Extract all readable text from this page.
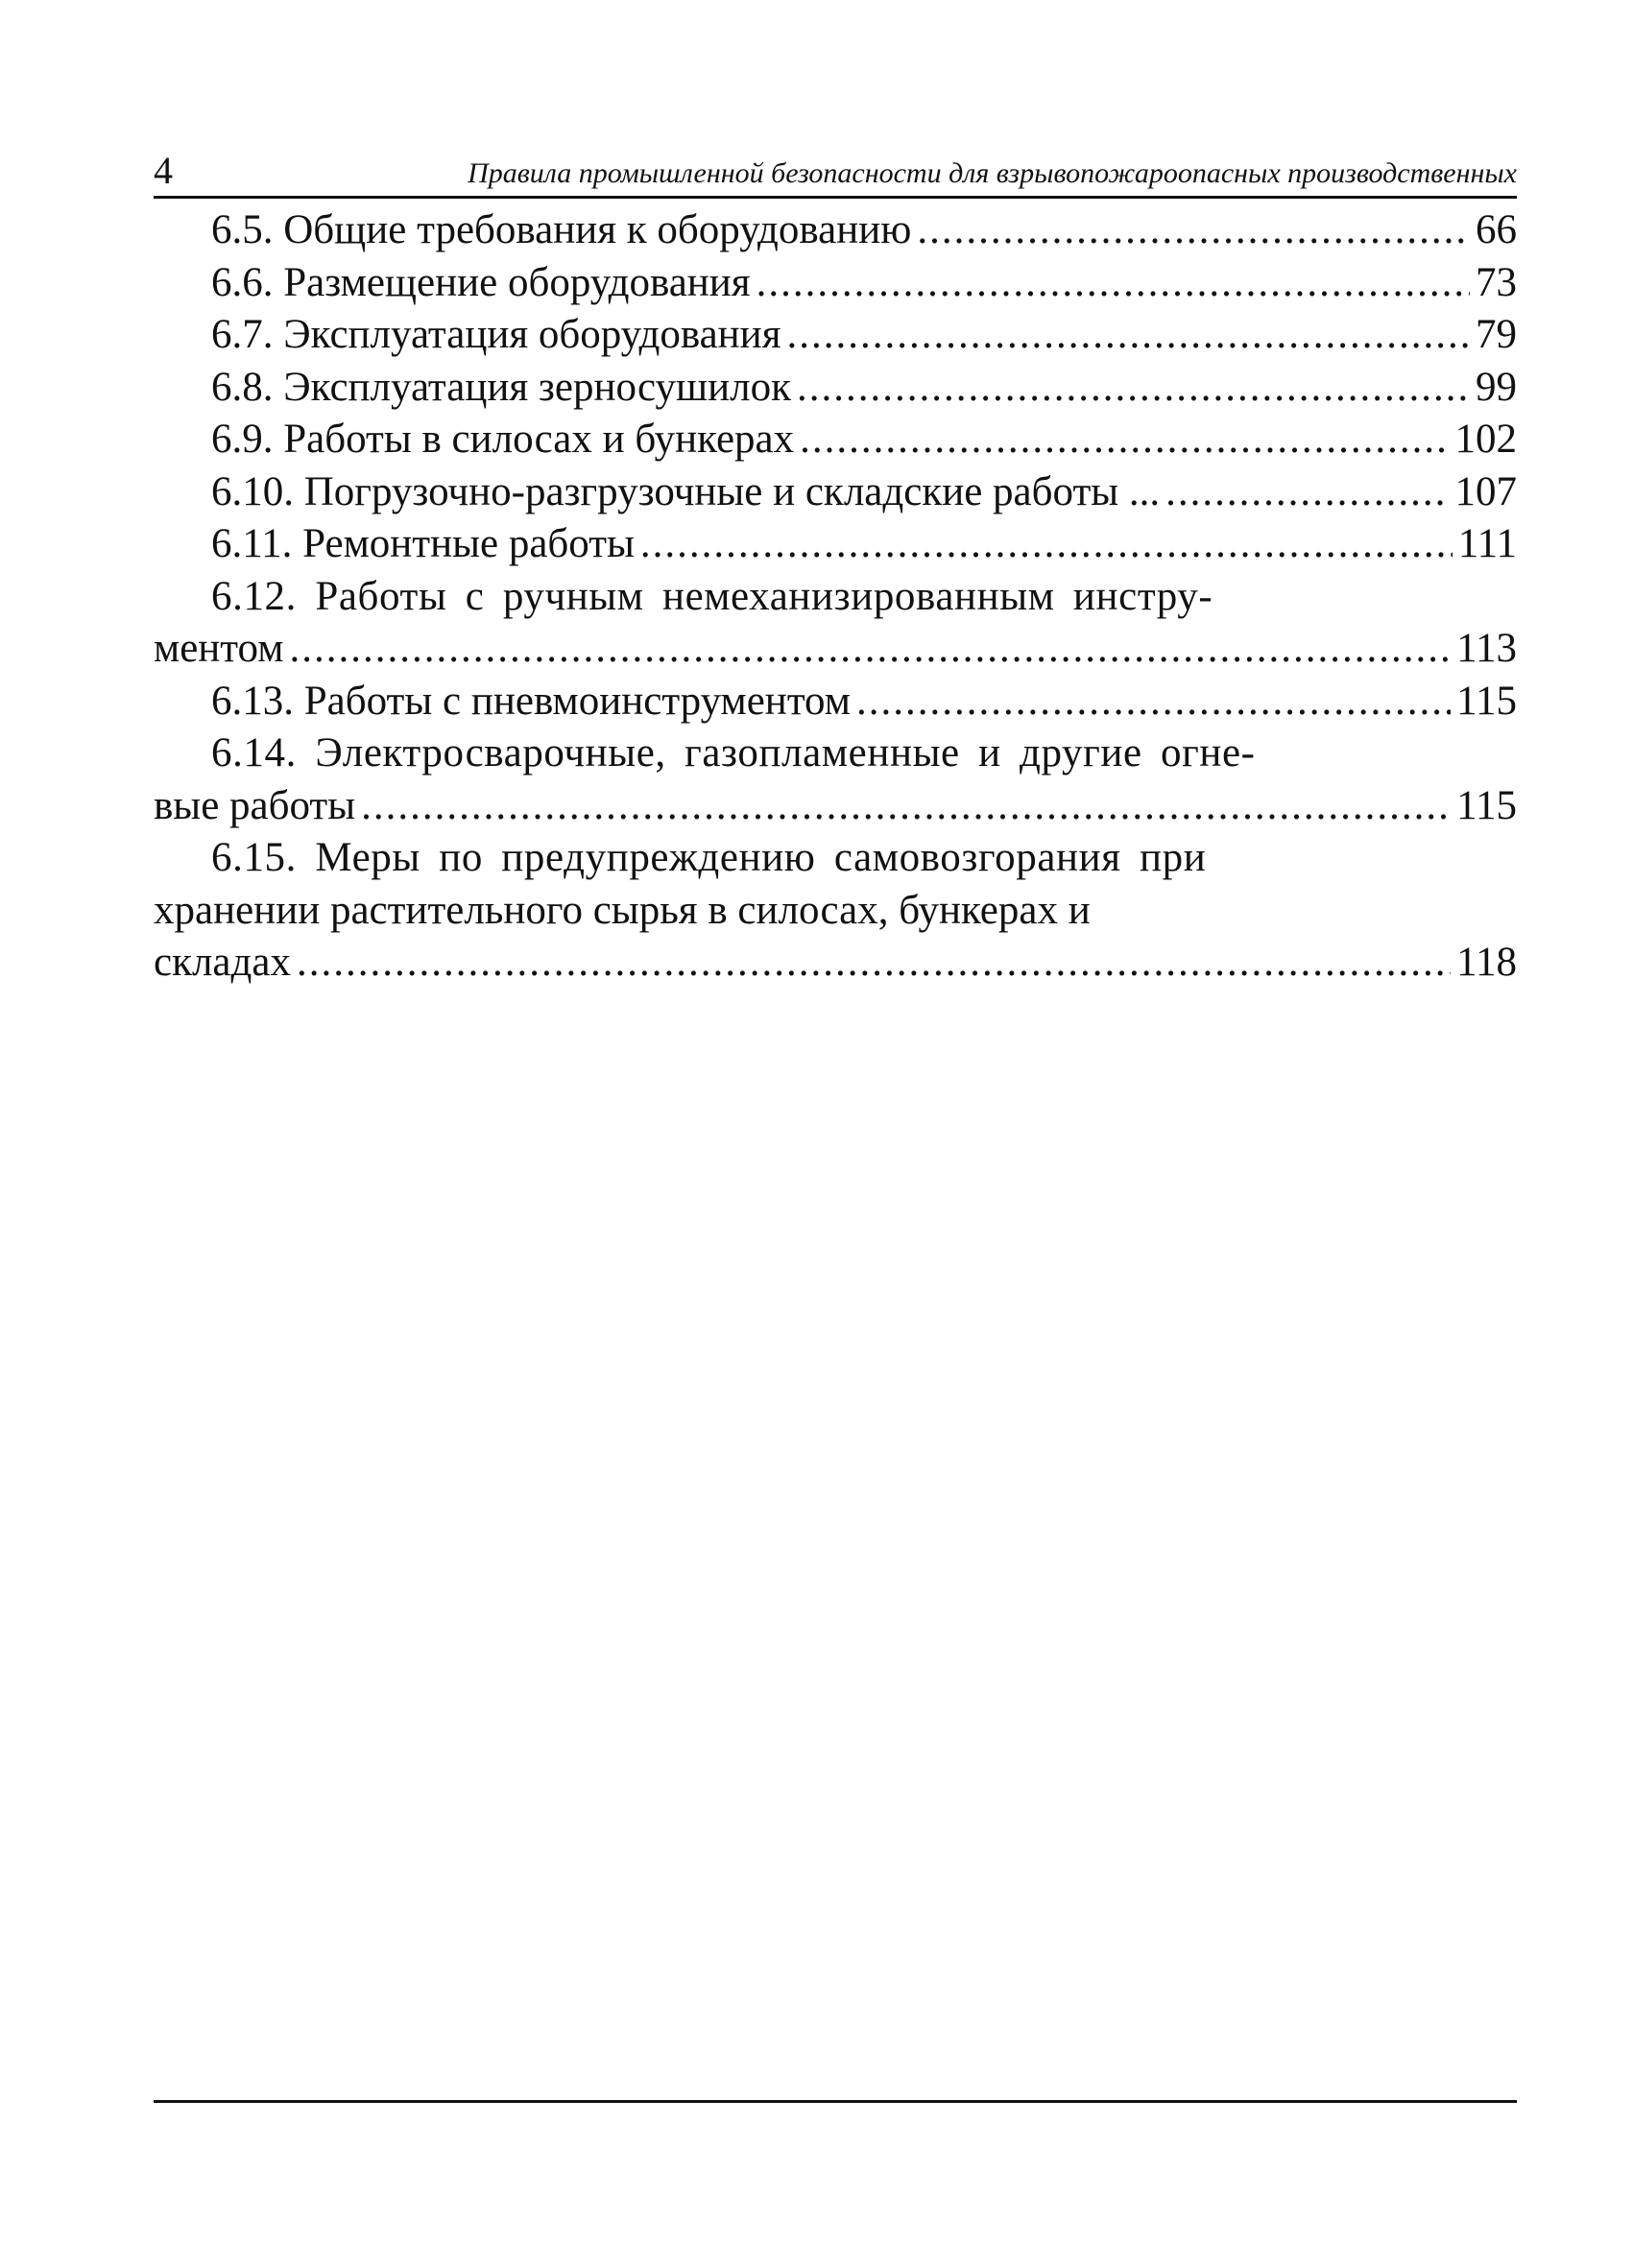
4	Правила промышленной безопасности для взрывопожароопасных производственных
6.5. Общие требования к оборудованию .....	66
6.6. Размещение оборудования .....	73
6.7. Эксплуатация оборудования .....	79
6.8. Эксплуатация зерносушилок .....	99
6.9. Работы в силосах и бункерах .....	102
6.10. Погрузочно-разгрузочные и складские работы ... .....	107
6.11. Ремонтные работы .....	111
6.12. Работы с ручным немеханизированным инстру-
ментом .....	113
6.13. Работы с пневмоинструментом .....	115
6.14. Электросварочные, газопламенные и другие огне-
вые работы .....	115
6.15. Меры по предупреждению самовозгорания при
хранении растительного сырья в силосах, бункерах и
складах .....	118
